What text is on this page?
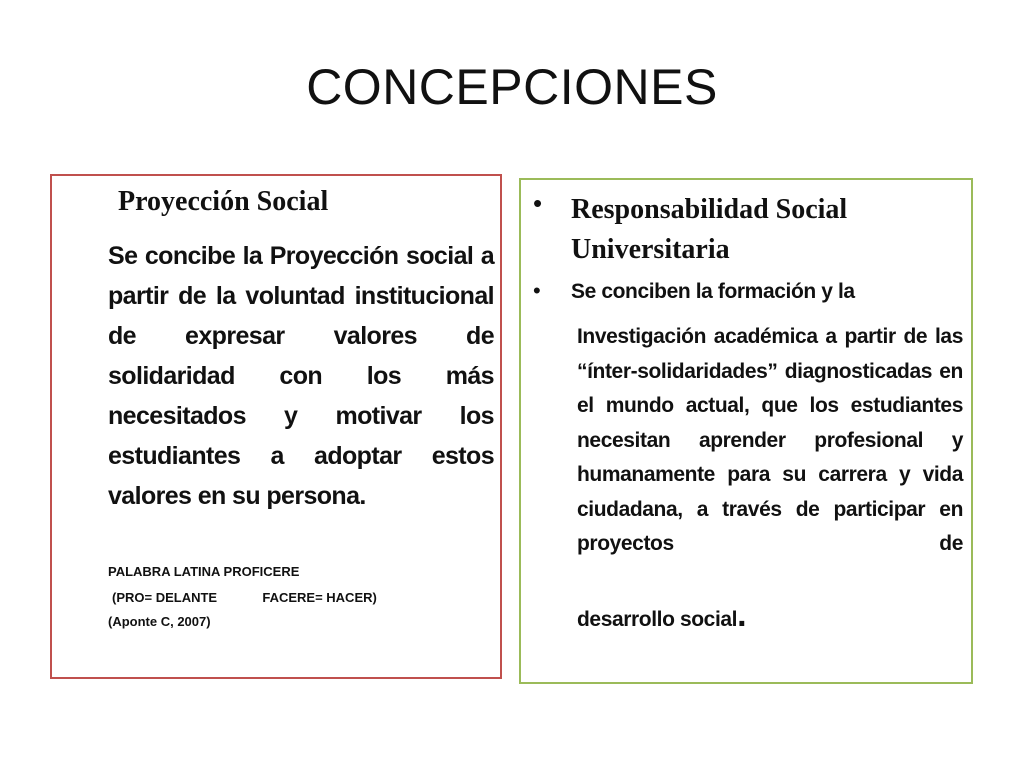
CONCEPCIONES
Proyección Social
Se concibe la Proyección social a partir de la voluntad institucional de expresar valores de solidaridad con los más necesitados y motivar los estudiantes a adoptar estos valores en su persona.
PALABRA LATINA PROFICERE
(PRO= DELANTE	FACERE= HACER)
(Aponte C, 2007)
• Responsabilidad Social Universitaria
• Se conciben la formación y la
Investigación académica a partir de las “ínter-solidaridades” diagnosticadas en el mundo actual, que los estudiantes necesitan aprender profesional y humanamente para su carrera y vida ciudadana, a través de participar en proyectos de
desarrollo social.
